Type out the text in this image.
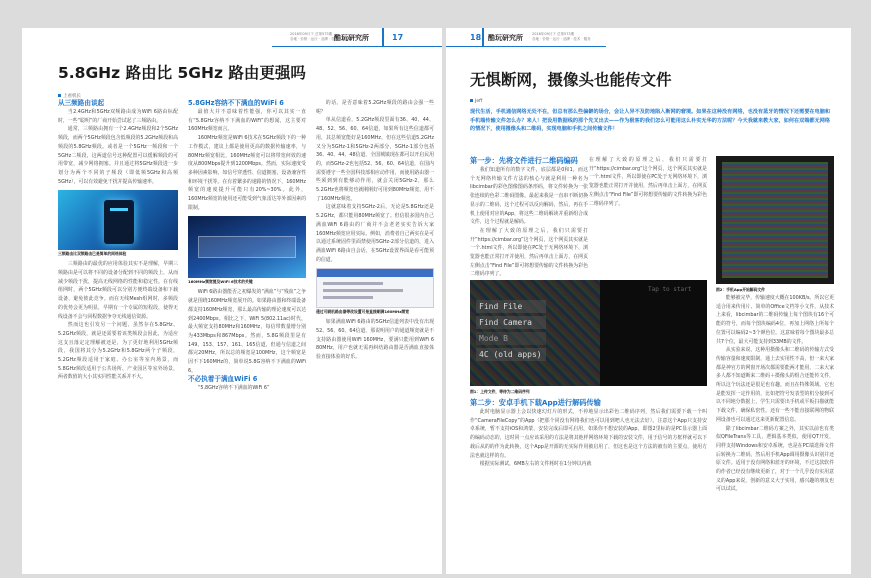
2016年09月下 总第573期
各地 · 价格 · 运行 · 品牌 · 技术 · 服务
酷玩研究所	17
5.8GHz 路由比 5GHz 路由更强吗
上看机长
从三频路由谈起

当2.4GHz和5GHz双频路由成为WiFi 6路由标配时，一些“聪明”的厂商开始尝试起了三频路由。

通常，三频路由拥有一个2.4GHz频段和2个5GHz频段，而两个5GHz频段包含低频段的5.2GHz频段和高频段的5.8GHz频段。或者是一个5GHz一频段和一个5GHz二频段，这两道信号这种配置可以缓解频段的可用带宽，减少网络拥塞。并且通过将5GHz频段进一步划分为两个不同的子频段（即低频5GHz和高频5GHz），可以有效避免干扰并提高传输速率。

三频路由比双频路由已是简单的网络体验

三频路由的最优的应用体验其实不是理解，早期三频路由是可以将不同的设备分配到不同的频段上，从而减少频段干扰，提高无线网络的性能和稳定性。在有线组网时，两个5GHz频段可以分别方便终端设备和下载设备，避免彼此竞争。而在无线Mesh组网时，多频段的优势会更为明显，早期有一个专属的短程段，使得无线设备不会与回程数据争夺无线通信资源。

然而这也引发另一个问题，虽然存在5.8GHz、5.2GHz频段，就是还需要着该类频段会因此，为适应这支且落定定理解被还是，为了更好地利用5GHz频段，我国将其分为5.2GHz和5.8GHz两个子频段，5.2GHz频段适用于家庭、办公室等室内场景，而5.8GHz频段适用于公共场所、产业园区等室外场景，两者数值的大小其实同性能关系并不大。

5.8GHz容纳不下满血的WiFi 6

最值大并不意味着性能强，你可以其实一直有“5.8GHz容纳不下满血的WiFi”的想闻，这主要对160MHz频宽而言。

160MHz频宽是WiFi 6技术在5GHz频段下的一种工作模式，建议上都是使用更高的数据传输速率，与80MHz频宽相比，160MHz频宽可以将带宽何效的速度从800Mbps提升到1200Mbps。然而，实际速度受多种因素影响，如信号穿透性、信道拥塞，设备兼容性和环境干扰等。在有着繁多的速路的情况下，160MHz频宽的速度提升可能只有20%~30%。此外，160MHz频宽的使用还可能受到气象雷达等外部因素的限制。

160MHz频宽提及WiFi 6技术的关键

WiFi 6路由器能否之初爆发的“满血”与“残血”之争就是围绕160MHz频宽展开的。如果路由器和终端设备都支持160MHz频宽，那么最高传输的理论速度可以达到2400Mbps。相比之下，WiFi 5(802.11ac)时代，最大频宽支持80MHz和160MHz，每信带数量增分别为433Mbps和867Mbps。然而，5.8G频段里是有149、153、157、161、165信道，但通与信道之间都完20MHz，所以总的频宽是100MHz，这个频宽是因不下160MHz的，简单说5.8G容纳不下满血的WiFi 6。

不必执着于满血WiFi 6

“5.8GHz容纳不下满血的WiFi 6”

的话，是否意味着5.2GHz频段的路由会强一些呢？

单从信道看，5.2GHz频段里面有36、40、44、48、52、56、60、64信道，如果所有这些信道都可用，其总频宽能好是160MHz，但在这些信道5.2GHz又分为5GHz-1和5GHz-2两部分，5GHz-1部分包括36、40、44、48信道，全国城镇现在都可以开启民用的，而5GHz-2也包括52、56、60、64信道，在国内需要遵守一些全国科技部相应动作用，而使用路由器一些须到到有能够动作用，就会关闭5GHz-2，那么5.2GHz也将频宽也就刚刚好可用到80MHz频宽，用不了160MHz频宽。

这就意味着支持5GHz-2后，无论是5.8GHz还是5.2GHz，都只能用80MHz频宽了。但信很多国内自己满血WiFi 6路由的厂商并不会老老实实告诉大家160MHz频宽应用实际。例如，消费者自己两实在是可以通过系统固件里面禁使用5GHz-2部分信道的，进入满血WiFi 6路由自会话，在5GHz设置界面是看可能预的信道。

通过可刷机路由器等改设置可是直接刷满160MHz频宽

如果满血WiFi 6路由的5GHz信道列表中没有出现52、56、60、64信道，那说明用户的通道频宽就是不支持路由器使用WiFi 160MHz，要满只能用到WiFi 6 80MHz，用户也就无需再纠结路由器是否满血直接体验直接体验的好乐。

18 酷玩研究所	2016年09月下 总第573期
各地 · 价格 · 运行 · 品牌 · 技术 · 服务
无惧断网，摄像头也能传文件
Jeff
现代生活，手机通信网络无处不在，但总有那么些偏僻的场合，会让人异不及防地陷入断网的窘境。如果在这种没有网络，也没有蓝牙的情况下还需要在电脑和手机端传输文件怎么办？来人！把设用数据线的那个先叉出去——作为极客的我们怎么可能用这么朴实无华的方法呢？今天我就来教大家，如何在双端都无网络的情况下，使用摄像头和二维码，实现电脑和手机之间传输文件！
第一步：先将文件进行二维码编码

我们知道所有的数字文件，底层都是0和1，而这个无网络传输文件方法的核心与就是利用一种名为libcimbar的彩色图像图码条形码，将文件转换为一张张连续的色彩二维码图像。最起来我是一直串不断切换显示的二维码，这个过程可以反向解码，然后，再在手机上使用对应的App，将这些二维码解读并重新组合成文件，这个过程就是解码。

在理解了大致的原理之后，我们只需要打开“https://cimbar.org”这个网页，这个网页其实就是一个.html文件，所以即使在PC处于无网络环境下，浏览器也能正常打开并使用，然后再单击上面方，在网页左侧点击“Find File”即可将想要传输的文件转换为彩色二维码序列了。

Tap to start
Find File
Find Camera
Mode B
4C (old apps)
图1：上传文件，等待为二维码序列
第二步：安卓手机下载App进行解码传输

此时电脑显示器上会以快速幻灯片的形式，不停地显示出彩色二维码序列，然后我们需要下载一个叫作“CameraFileCopy”的App（把那个同没有网络我们也可以用到吧人也无法去好）。注意这个App只支持安卓系统，暂不支持iOS和鸿蒙，安装完成后即可启用，如果你不想安装的App，即图2里标的是PC显示器上面的编码动态的，这时同一点应该采用的方法是将其他样网络环境下载的安装文件，用于信号的方框样就可以下载后从的的作为此转换，这个App是开源的无实际作用被启用了，但这也是这个方法的被有的主要点，使用方法也就这样的有。

根据实际测试，6MB左右的文件耗时在1分钟以内就

在理解了大致的原理之后，我们只需要打开“https://cimbar.org”这个网页，这个网页其实就是一个.html文件，所以即使在PC处于无网络环境下，浏览器也能正常打开并使用，然后再单击上面方，在网页左侧点击“Find File”即可将想要传输的文件转换为彩色二维码序列了。

图2：手机App开始解码文件

能够被完毕，传输速度大概在100KB/s。所以它更适合用来传用片、简单的Office文档等小文件，从技术上来看，libcimbar的二维码传输上每个图块有16个可能的符号，而每个图块编码4位，再加上网络上所每个位置可以编码2~3个颜色位。这意味着每个图块最多总共7个位，最大可能支持到33MB的文件。

从实验来说，这种用摄像头和二维码的传输方式受传输容量和速度限制，通上去实用性不高，但一来大家都是神官方的网窗开场次都需要能两才能用，二来大家多人都不知道断来二维码＋摄像头的组合还能传文件，所以这个玩法还是很足也有趣。而且在特殊领域，它也是能发挥一定作用的，比如把符号发表型的机分接到可以不同地分数据上，学生只需要出手机或平板扫描就能下载文件，确保私密性。还有一些不能直接联网的物联网设备也可以通过这来更新配置信息。

除了libcimbar二维码方案之外，其实以前也有类似QFileTrans等工具，逻辑基本类似，使用QT开发，同样支持Windows和安卓系统，也是在PC端选择文件后转换为二维码，然后用手机App调用摄像头识别并还原文件。适用于没有网络和蓝牙的环境，不过这款软件的作者已经没有继续更新了，对于一个几乎没有实用意义的App来说，创新的意义大于实用，感兴趣的朋友也可以试试。
